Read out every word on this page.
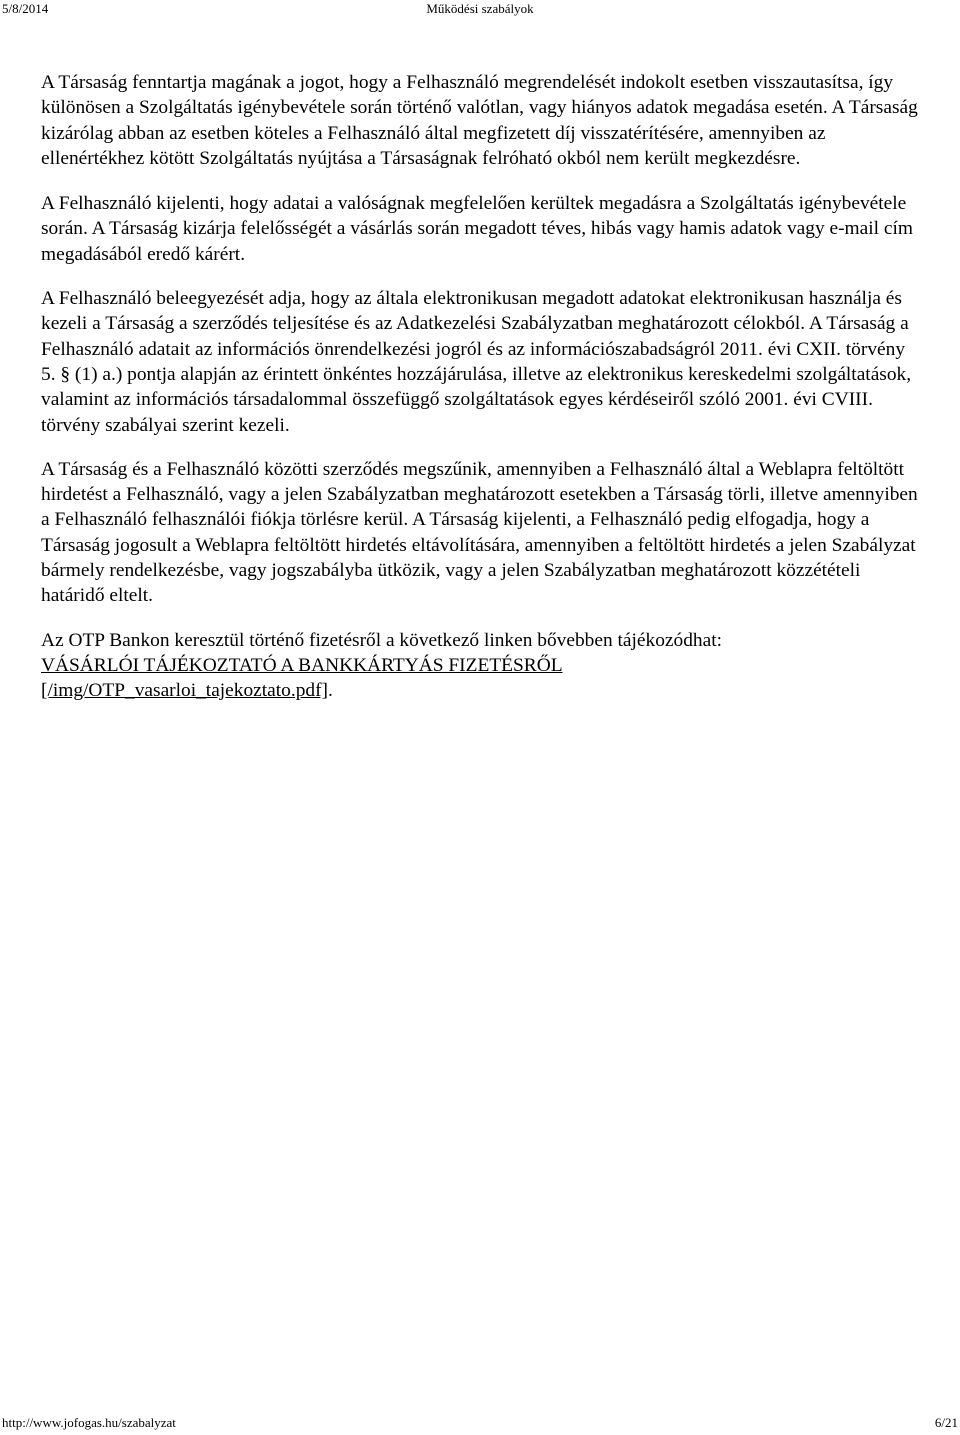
5/8/2014	Működési szabályok

A Társaság fenntartja magának a jogot, hogy a Felhasználó megrendelését indokolt esetben visszautasítsa, így különösen a Szolgáltatás igénybevétele során történő valótlan, vagy hiányos adatok megadása esetén. A Társaság kizárólag abban az esetben köteles a Felhasználó által megfizetett díj visszatérítésére, amennyiben az ellenértékhez kötött Szolgáltatás nyújtása a Társaságnak felróható okból nem került megkezdésre.

A Felhasználó kijelenti, hogy adatai a valóságnak megfelelően kerültek megadásra a Szolgáltatás igénybevétele során. A Társaság kizárja felelősségét a vásárlás során megadott téves, hibás vagy hamis adatok vagy e-mail cím megadásából eredő kárért.

A Felhasználó beleegyezését adja, hogy az általa elektronikusan megadott adatokat elektronikusan használja és kezeli a Társaság a szerződés teljesítése és az Adatkezelési Szabályzatban meghatározott célokból. A Társaság a Felhasználó adatait az információs önrendelkezési jogról és az információszabadságról 2011. évi CXII. törvény 5. § (1) a.) pontja alapján az érintett önkéntes hozzájárulása, illetve az elektronikus kereskedelmi szolgáltatások, valamint az információs társadalommal összefüggő szolgáltatások egyes kérdéseiről szóló 2001. évi CVIII. törvény szabályai szerint kezeli.

A Társaság és a Felhasználó közötti szerződés megszűnik, amennyiben a Felhasználó által a Weblapra feltöltött hirdetést a Felhasználó, vagy a jelen Szabályzatban meghatározott esetekben a Társaság törli, illetve amennyiben a Felhasználó felhasználói fiókja törlésre kerül. A Társaság kijelenti, a Felhasználó pedig elfogadja, hogy a Társaság jogosult a Weblapra feltöltött hirdetés eltávolítására, amennyiben a feltöltött hirdetés a jelen Szabályzat bármely rendelkezésbe, vagy jogszabályba ütközik, vagy a jelen Szabályzatban meghatározott közzétételi határidő eltelt.

Az OTP Bankon keresztül történő fizetésről a következő linken bővebben tájékozódhat:
VÁSÁRLÓI TÁJÉKOZTATÓ A BANKKÁRTYÁS FIZETÉSRŐL
[/img/OTP_vasarloi_tajekoztato.pdf].

http://www.jofogas.hu/szabalyzat	6/21
